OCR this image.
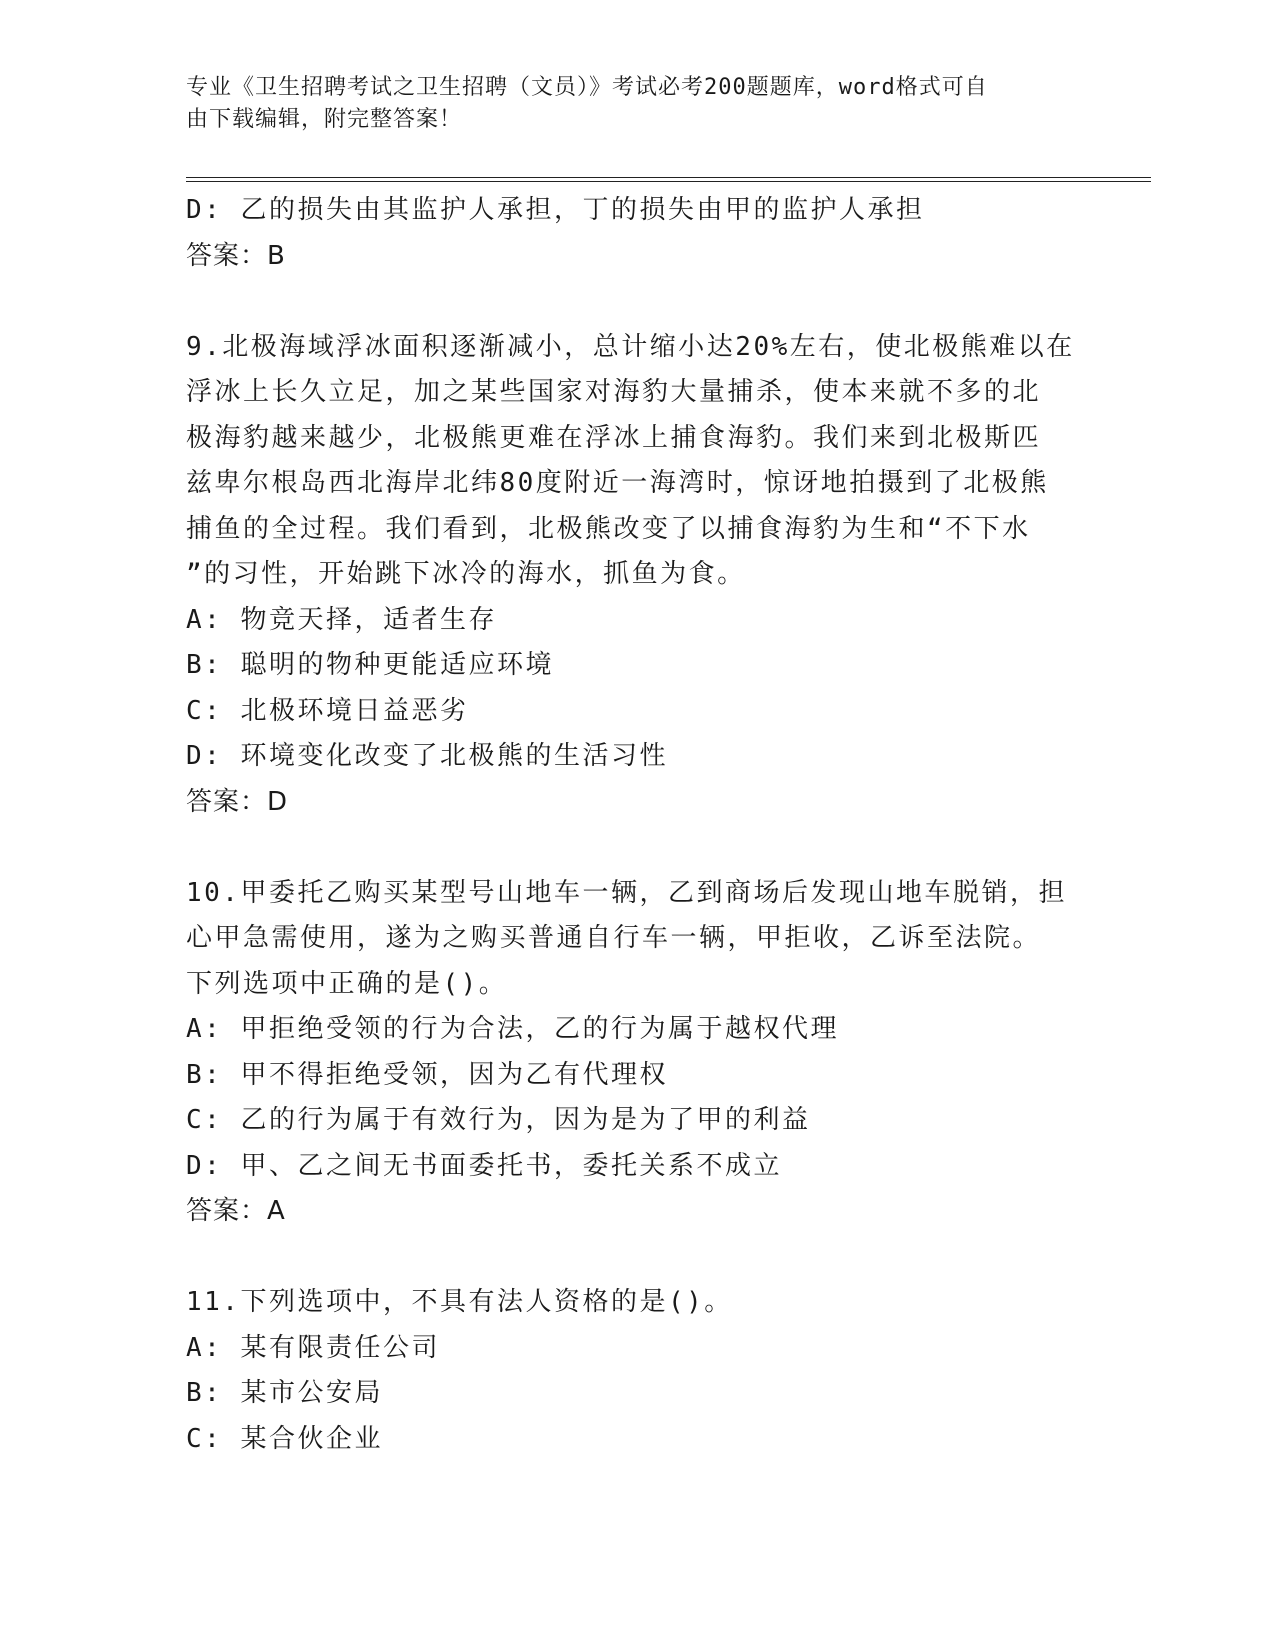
专业《卫生招聘考试之卫生招聘（文员）》考试必考200题题库，word格式可自
由下载编辑，附完整答案！
D: 乙的损失由其监护人承担，丁的损失由甲的监护人承担
答案：B
9.北极海域浮冰面积逐渐减小，总计缩小达20%左右，使北极熊难以在
浮冰上长久立足，加之某些国家对海豹大量捕杀，使本来就不多的北
极海豹越来越少，北极熊更难在浮冰上捕食海豹。我们来到北极斯匹
兹卑尔根岛西北海岸北纬80度附近一海湾时，惊讶地拍摄到了北极熊
捕鱼的全过程。我们看到，北极熊改变了以捕食海豹为生和“不下水
”的习性，开始跳下冰冷的海水，抓鱼为食。
A: 物竞天择，适者生存
B: 聪明的物种更能适应环境
C: 北极环境日益恶劣
D: 环境变化改变了北极熊的生活习性
答案：D
10.甲委托乙购买某型号山地车一辆，乙到商场后发现山地车脱销，担
心甲急需使用，遂为之购买普通自行车一辆，甲拒收，乙诉至法院。
下列选项中正确的是()。
A: 甲拒绝受领的行为合法，乙的行为属于越权代理
B: 甲不得拒绝受领，因为乙有代理权
C: 乙的行为属于有效行为，因为是为了甲的利益
D: 甲、乙之间无书面委托书，委托关系不成立
答案：A
11.下列选项中，不具有法人资格的是()。
A: 某有限责任公司
B: 某市公安局
C: 某合伙企业
